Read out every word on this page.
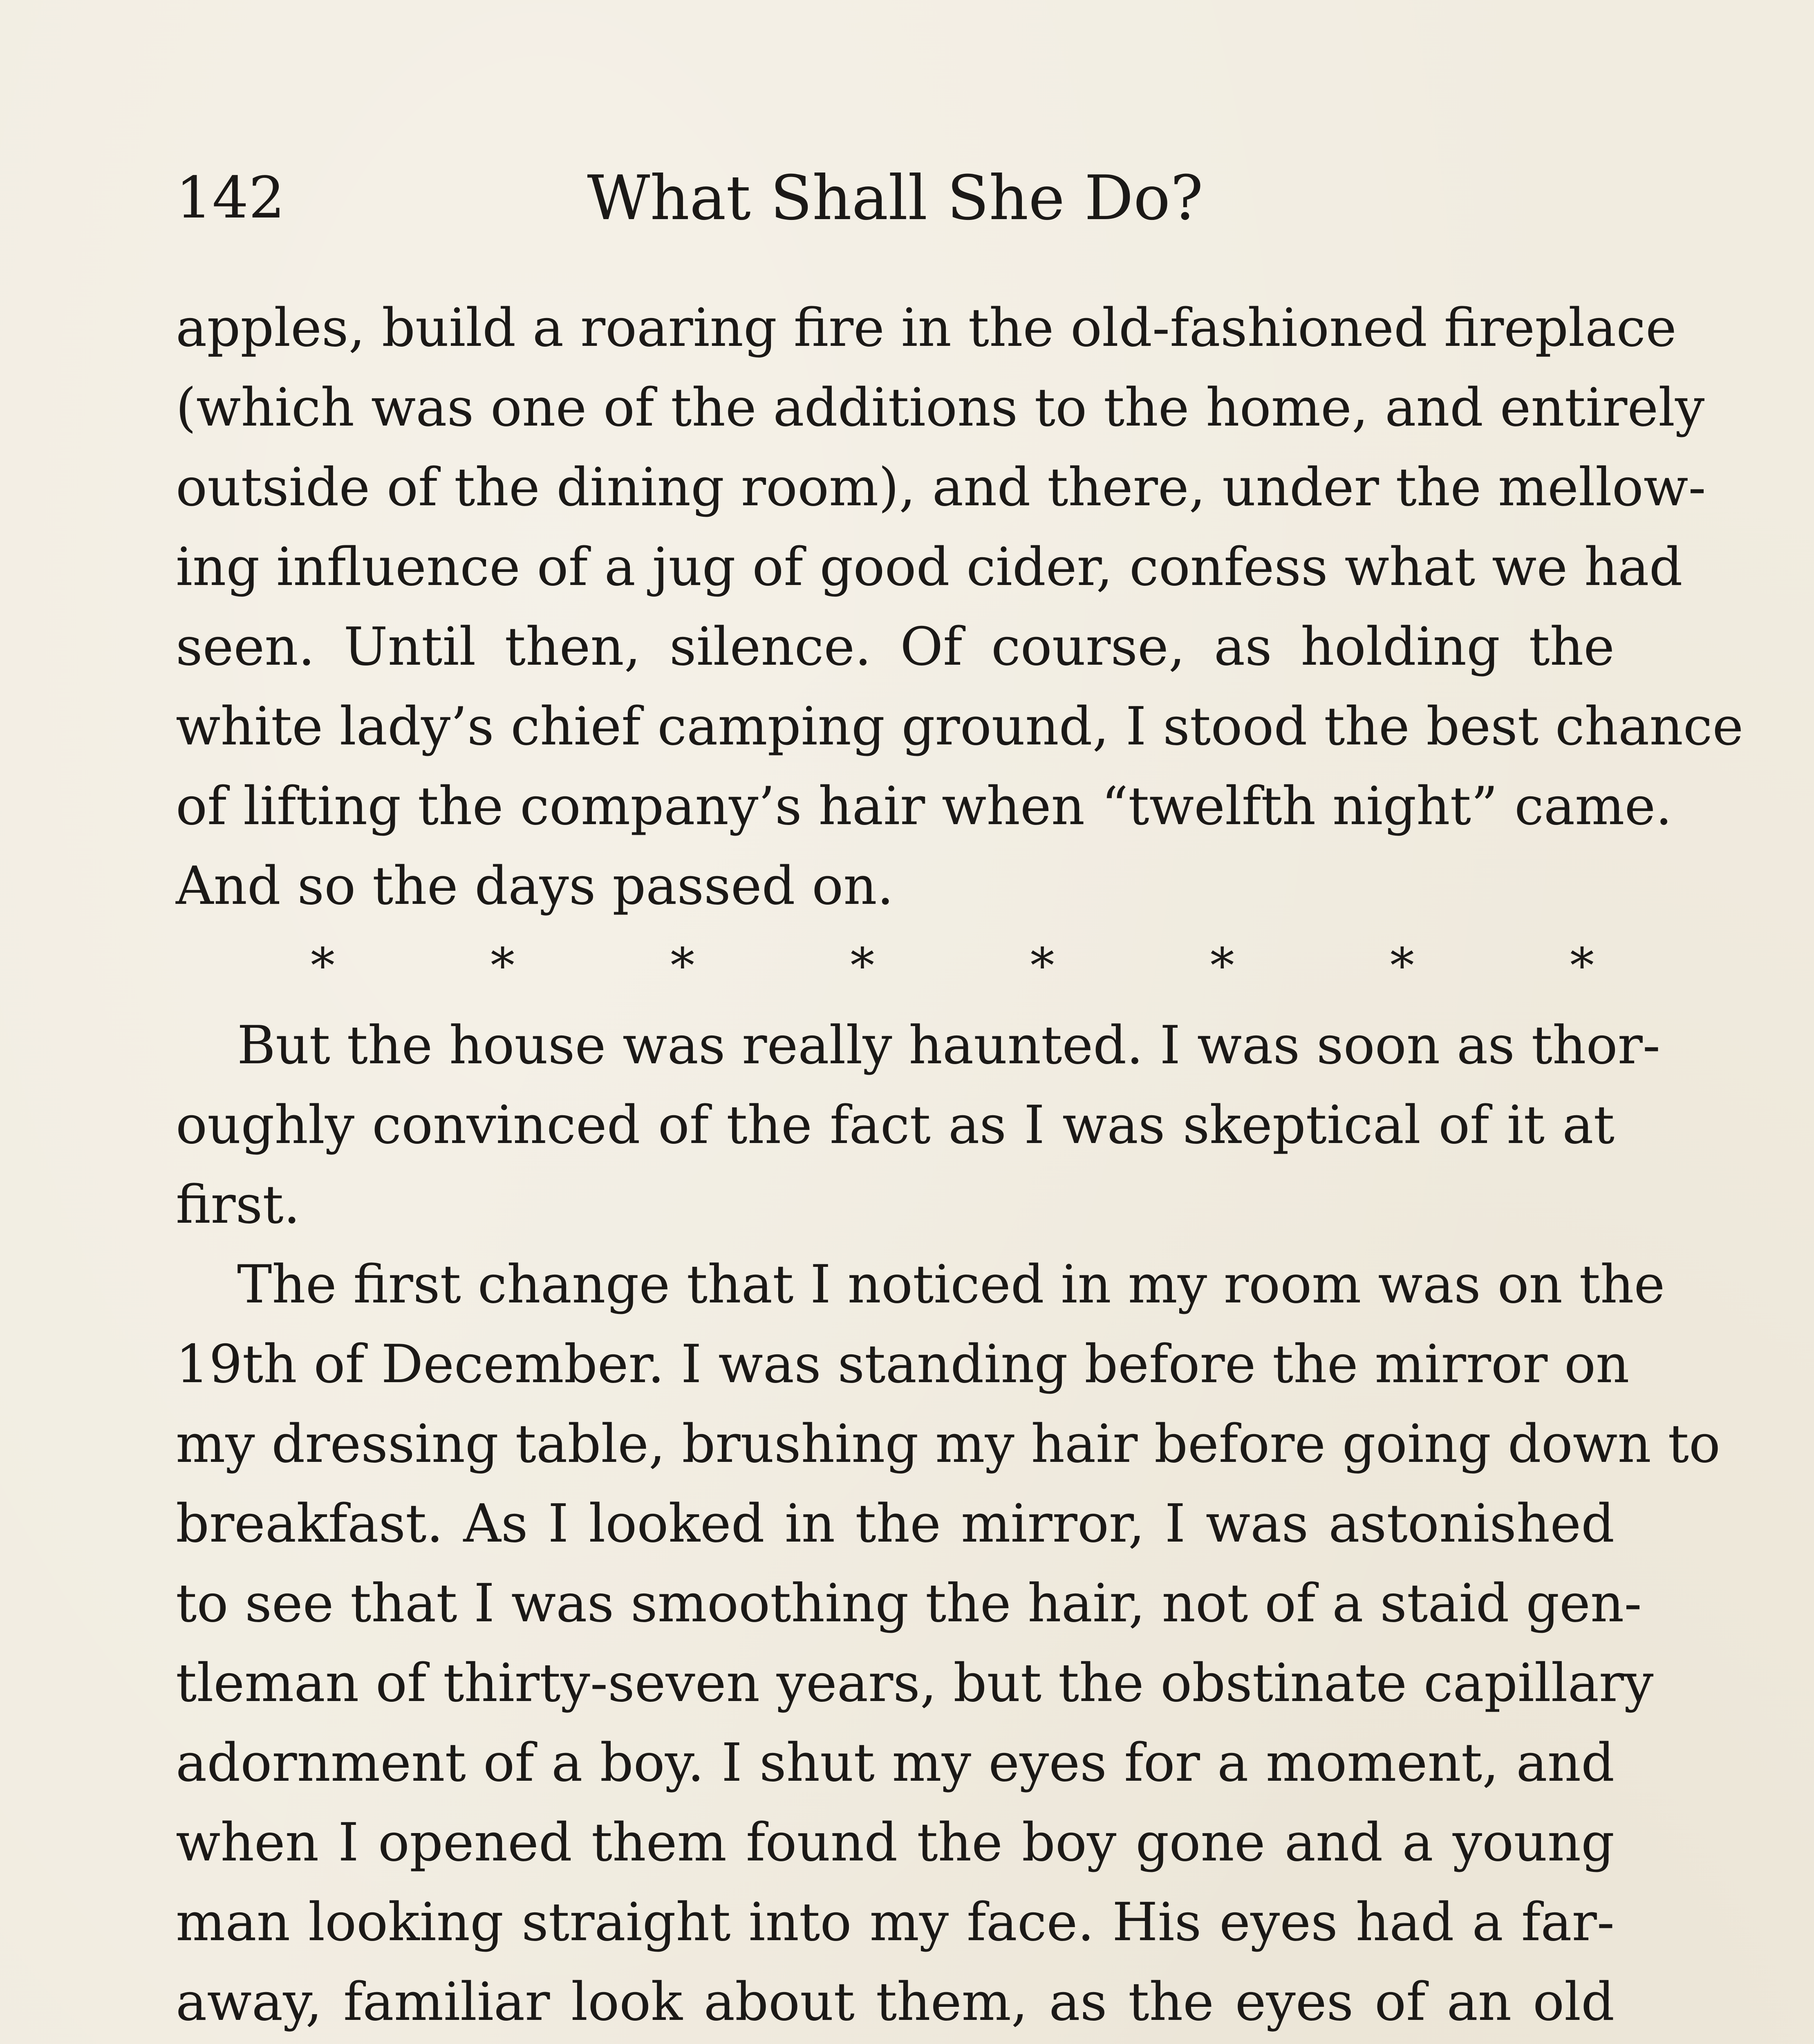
142	What Shall She Do?
apples, build a roaring fire in the old-fashioned fireplace
(which was one of the additions to the home, and entirely
outside of the dining room), and there, under the mellow-
ing influence of a jug of good cider, confess what we had
seen. Until then, silence. Of course, as holding the
white lady’s chief camping ground, I stood the best chance
of lifting the company’s hair when “twelfth night” came.
And so the days passed on.
*	*	*	*	*	*	*	*
But the house was really haunted. I was soon as thor-
oughly convinced of the fact as I was skeptical of it at
first.
The first change that I noticed in my room was on the
19th of December. I was standing before the mirror on
my dressing table, brushing my hair before going down to
breakfast. As I looked in the mirror, I was astonished
to see that I was smoothing the hair, not of a staid gen-
tleman of thirty-seven years, but the obstinate capillary
adornment of a boy. I shut my eyes for a moment, and
when I opened them found the boy gone and a young
man looking straight into my face. His eyes had a far-
away, familiar look about them, as the eyes of an old
